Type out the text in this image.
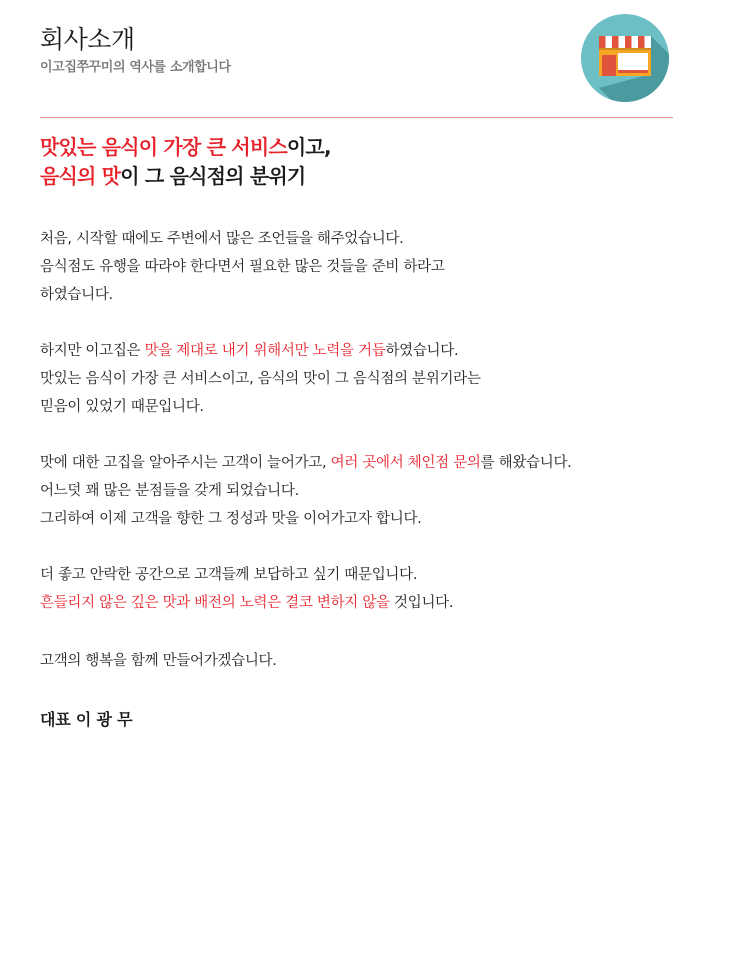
회사소개
이고집쭈꾸미의 역사를 소개합니다
맛있는 음식이 가장 큰 서비스이고,
음식의 맛이 그 음식점의 분위기
처음, 시작할 때에도 주변에서 많은 조언들을 해주었습니다.
음식점도 유행을 따라야 한다면서 필요한 많은 것들을 준비 하라고
하였습니다.
하지만 이고집은 맛을 제대로 내기 위해서만 노력을 거듭하였습니다.
맛있는 음식이 가장 큰 서비스이고, 음식의 맛이 그 음식점의 분위기라는
믿음이 있었기 때문입니다.
맛에 대한 고집을 알아주시는 고객이 늘어가고, 여러 곳에서 체인점 문의를 해왔습니다.
어느덧 꽤 많은 분점들을 갖게 되었습니다.
그리하여 이제 고객을 향한 그 정성과 맛을 이어가고자 합니다.
더 좋고 안락한 공간으로 고객들께 보답하고 싶기 때문입니다.
흔들리지 않은 깊은 맛과 배전의 노력은 결코 변하지 않을 것입니다.
고객의 행복을 함께 만들어가겠습니다.
대표 이 광 무
